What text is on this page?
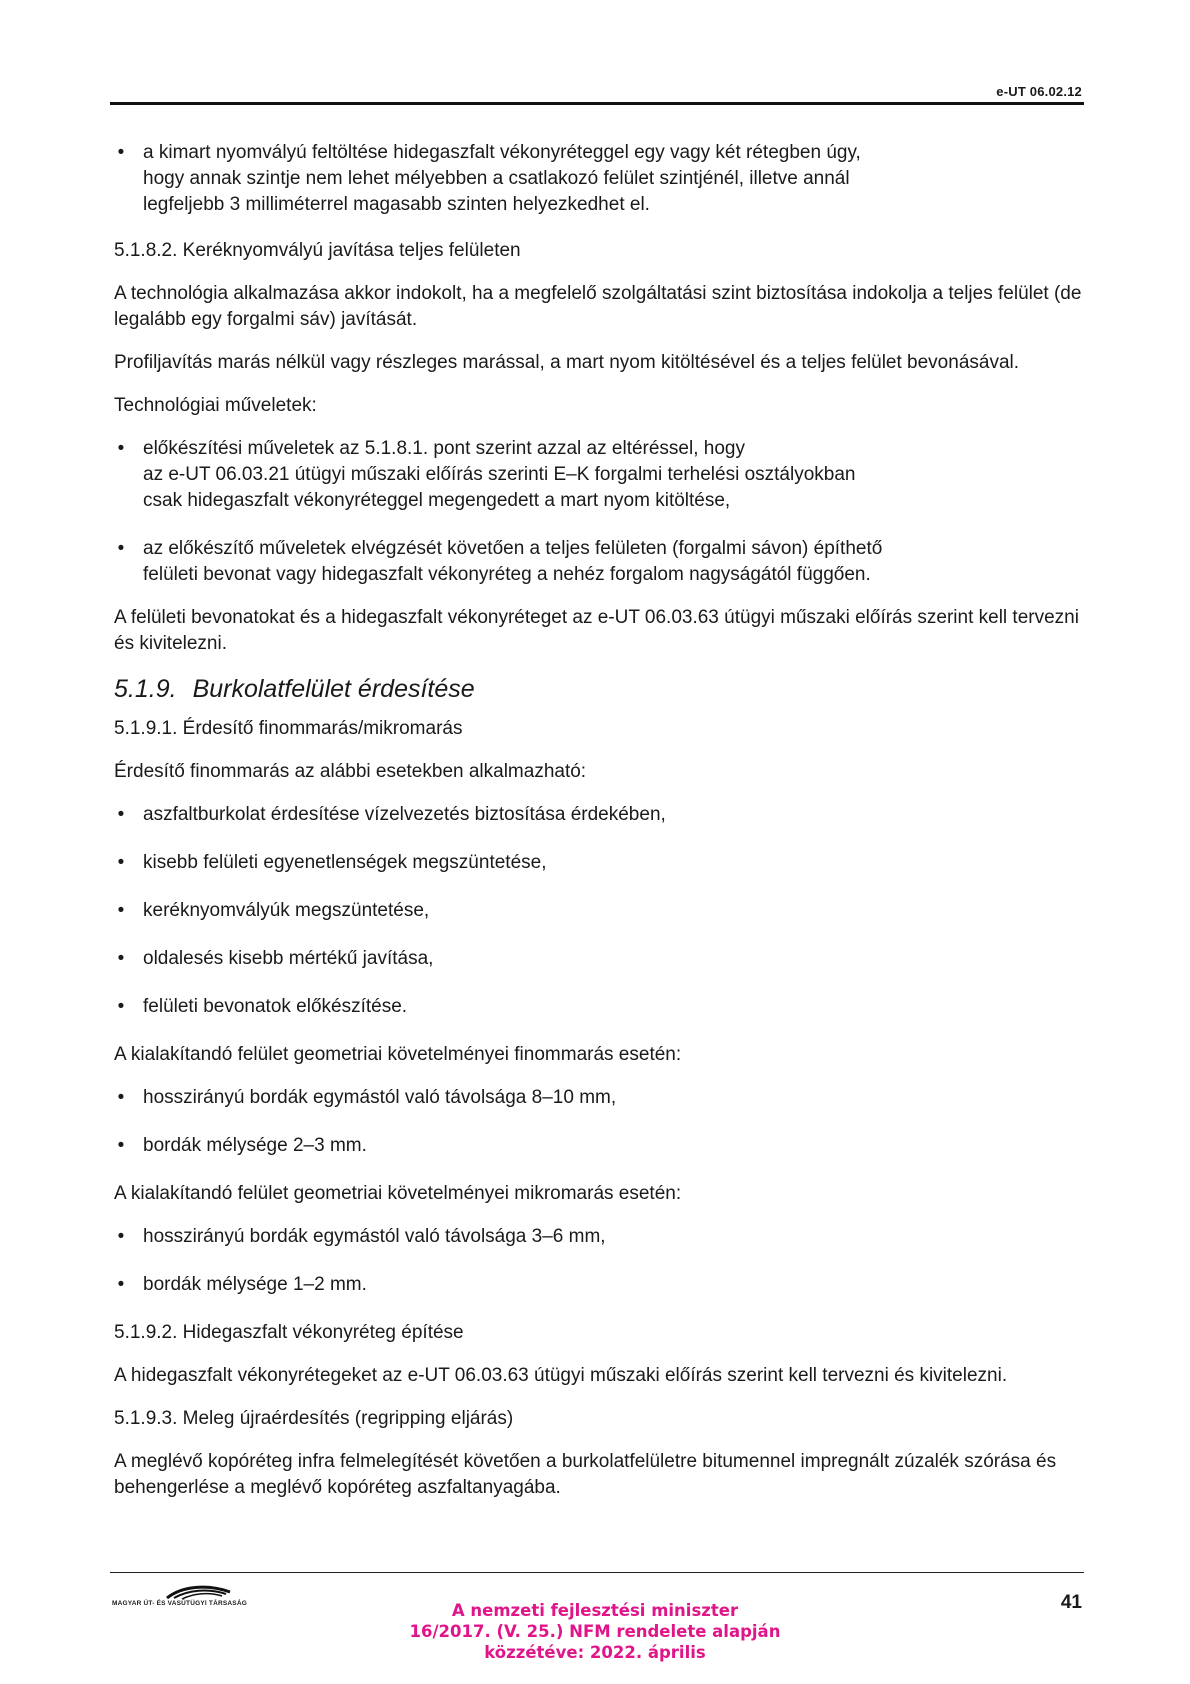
e-UT 06.02.12
• a kimart nyomvályú feltöltése hidegaszfalt vékonyréteggel egy vagy két rétegben úgy,
hogy annak szintje nem lehet mélyebben a csatlakozó felület szintjénél, illetve annál
legfeljebb 3 milliméterrel magasabb szinten helyezkedhet el.

5.1.8.2. Keréknyomvályú javítása teljes felületen

A technológia alkalmazása akkor indokolt, ha a megfelelő szolgáltatási szint biztosítása indokolja a teljes felület (de legalább egy forgalmi sáv) javítását.

Profiljavítás marás nélkül vagy részleges marással, a mart nyom kitöltésével és a teljes felület bevonásával.

Technológiai műveletek:

• előkészítési műveletek az 5.1.8.1. pont szerint azzal az eltéréssel, hogy
az e-UT 06.03.21 útügyi műszaki előírás szerinti E–K forgalmi terhelési osztályokban
csak hidegaszfalt vékonyréteggel megengedett a mart nyom kitöltése,
• az előkészítő műveletek elvégzését követően a teljes felületen (forgalmi sávon) építhető
felületi bevonat vagy hidegaszfalt vékonyréteg a nehéz forgalom nagyságától függően.

A felületi bevonatokat és a hidegaszfalt vékonyréteget az e-UT 06.03.63 útügyi műszaki előírás szerint kell tervezni és kivitelezni.

5.1.9. Burkolatfelület érdesítése

5.1.9.1. Érdesítő finommarás/mikromarás

Érdesítő finommarás az alábbi esetekben alkalmazható:

• aszfaltburkolat érdesítése vízelvezetés biztosítása érdekében,
• kisebb felületi egyenetlenségek megszüntetése,
• keréknyomvályúk megszüntetése,
• oldalesés kisebb mértékű javítása,
• felületi bevonatok előkészítése.

A kialakítandó felület geometriai követelményei finommarás esetén:

• hosszirányú bordák egymástól való távolsága 8–10 mm,
• bordák mélysége 2–3 mm.

A kialakítandó felület geometriai követelményei mikromarás esetén:

• hosszirányú bordák egymástól való távolsága 3–6 mm,
• bordák mélysége 1–2 mm.

5.1.9.2. Hidegaszfalt vékonyréteg építése

A hidegaszfalt vékonyrétegeket az e-UT 06.03.63 útügyi műszaki előírás szerint kell tervezni és kivitelezni.

5.1.9.3. Meleg újraérdesítés (regripping eljárás)

A meglévő kopóréteg infra felmelegítését követően a burkolatfelületre bitumennel impregnált zúzalék szórása és behengerlése a meglévő kopóréteg aszfaltanyagába.

MAGYAR ÚT- ÉS VASÚTÜGYI TÁRSASÁG	A nemzeti fejlesztési miniszter
16/2017. (V. 25.) NFM rendelete alapján
közzétéve: 2022. április
41
